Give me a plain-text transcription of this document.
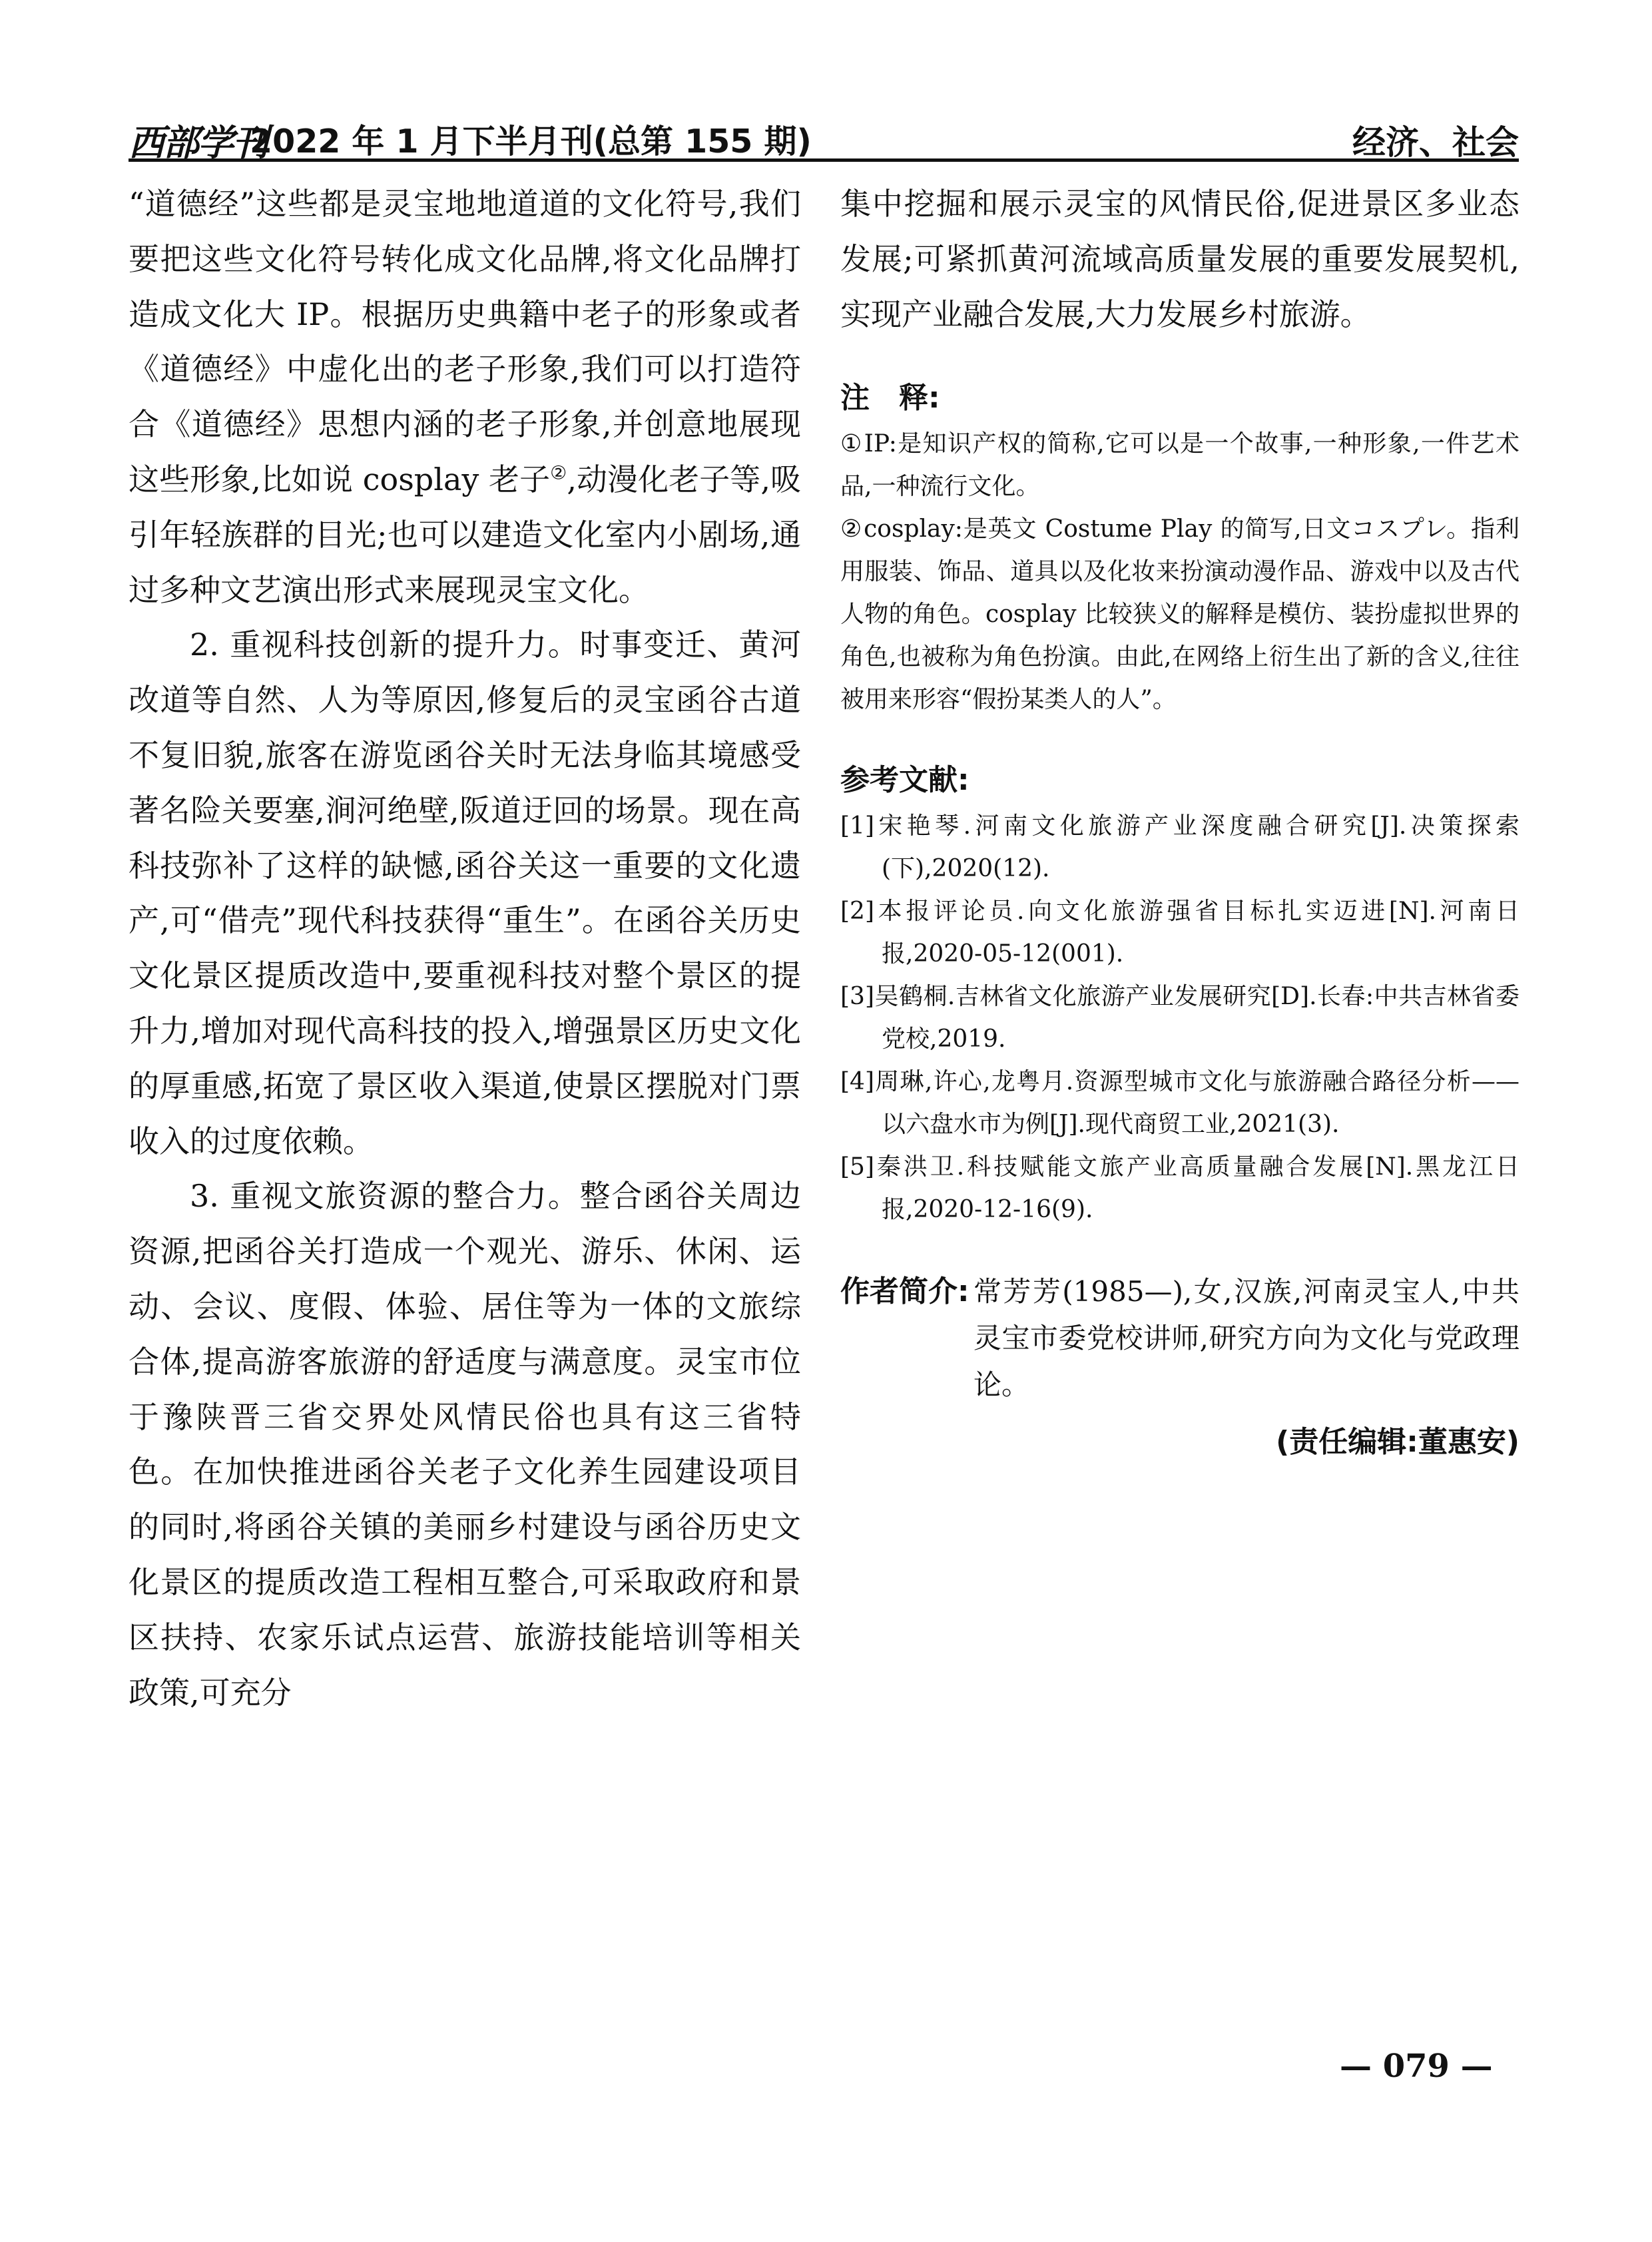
西部学刊
2022 年 1 月下半月刊(总第 155 期)	经济、社会

“道德经”这些都是灵宝地地道道的文化符号,我们要把这些文化符号转化成文化品牌,将文化品牌打造成文化大 IP。根据历史典籍中老子的形象或者《道德经》中虚化出的老子形象,我们可以打造符合《道德经》思想内涵的老子形象,并创意地展现这些形象,比如说 cosplay 老子②,动漫化老子等,吸引年轻族群的目光;也可以建造文化室内小剧场,通过多种文艺演出形式来展现灵宝文化。

2. 重视科技创新的提升力。时事变迁、黄河改道等自然、人为等原因,修复后的灵宝函谷古道不复旧貌,旅客在游览函谷关时无法身临其境感受著名险关要塞,涧河绝壁,阪道迂回的场景。现在高科技弥补了这样的缺憾,函谷关这一重要的文化遗产,可“借壳”现代科技获得“重生”。在函谷关历史文化景区提质改造中,要重视科技对整个景区的提升力,增加对现代高科技的投入,增强景区历史文化的厚重感,拓宽了景区收入渠道,使景区摆脱对门票收入的过度依赖。

3. 重视文旅资源的整合力。整合函谷关周边资源,把函谷关打造成一个观光、游乐、休闲、运动、会议、度假、体验、居住等为一体的文旅综合体,提高游客旅游的舒适度与满意度。灵宝市位于豫陕晋三省交界处风情民俗也具有这三省特色。在加快推进函谷关老子文化养生园建设项目的同时,将函谷关镇的美丽乡村建设与函谷历史文化景区的提质改造工程相互整合,可采取政府和景区扶持、农家乐试点运营、旅游技能培训等相关政策,可充分

集中挖掘和展示灵宝的风情民俗,促进景区多业态发展;可紧抓黄河流域高质量发展的重要发展契机,实现产业融合发展,大力发展乡村旅游。

注　释:

①IP:是知识产权的简称,它可以是一个故事,一种形象,一件艺术品,一种流行文化。

②cosplay:是英文 Costume Play 的简写,日文コスプレ。指利用服装、饰品、道具以及化妆来扮演动漫作品、游戏中以及古代人物的角色。cosplay 比较狭义的解释是模仿、装扮虚拟世界的角色,也被称为角色扮演。由此,在网络上衍生出了新的含义,往往被用来形容“假扮某类人的人”。

参考文献:

[1]宋艳琴.河南文化旅游产业深度融合研究[J].决策探索(下),2020(12).

[2]本报评论员.向文化旅游强省目标扎实迈进[N].河南日报,2020-05-12(001).

[3]吴鹤桐.吉林省文化旅游产业发展研究[D].长春:中共吉林省委党校,2019.

[4]周琳,许心,龙粤月.资源型城市文化与旅游融合路径分析——以六盘水市为例[J].现代商贸工业,2021(3).

[5]秦洪卫.科技赋能文旅产业高质量融合发展[N].黑龙江日报,2020-12-16(9).

作者简介: 常芳芳(1985—),女,汉族,河南灵宝人,中共灵宝市委党校讲师,研究方向为文化与党政理论。

(责任编辑:董惠安)

— 079 —
